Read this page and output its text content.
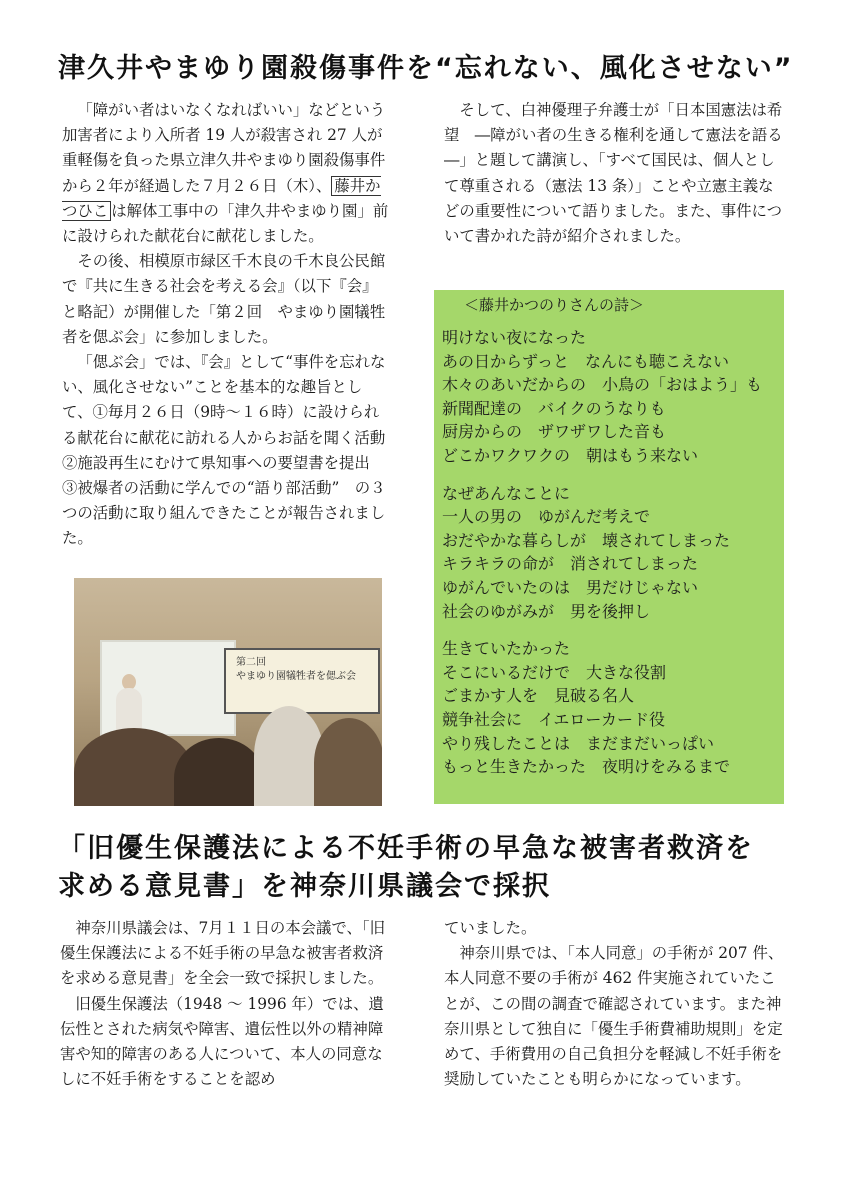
津久井やまゆり園殺傷事件を“忘れない、風化させない”

「障がい者はいなくなればいい」などという加害者により入所者 19 人が殺害され 27 人が重軽傷を負った県立津久井やまゆり園殺傷事件から２年が経過した７月２６日（木）、 藤井かつひこ は解体工事中の「津久井やまゆり園」前に設けられた献花台に献花しました。

その後、相模原市緑区千木良の千木良公民館で『共に生きる社会を考える会』（以下『会』と略記）が開催した「第２回　やまゆり園犠牲者を偲ぶ会」に参加しました。

「偲ぶ会」では、『会』として“事件を忘れない、風化させない”ことを基本的な趣旨として、①毎月２６日（9時～１６時）に設けられる献花台に献花に訪れる人からお話を聞く活動　②施設再生にむけて県知事への要望書を提出　③被爆者の活動に学んでの“語り部活動”　の３つの活動に取り組んできたことが報告されました。

そして、白神優理子弁護士が「日本国憲法は希望　―障がい者の生きる権利を通して憲法を語る―」と題して講演し、「すべて国民は、個人として尊重される（憲法 13 条）」ことや立憲主義などの重要性について語りました。また、事件について書かれた詩が紹介されました。

第二回
やまゆり園犠牲者を偲ぶ会
＜藤井かつのりさんの詩＞
明けない夜になった
あの日からずっと　なんにも聴こえない
木々のあいだからの　小鳥の「おはよう」も
新聞配達の　バイクのうなりも
厨房からの　ザワザワした音も
どこかワクワクの　朝はもう来ない
なぜあんなことに
一人の男の　ゆがんだ考えで
おだやかな暮らしが　壊されてしまった
キラキラの命が　消されてしまった
ゆがんでいたのは　男だけじゃない
社会のゆがみが　男を後押し
生きていたかった
そこにいるだけで　大きな役割
ごまかす人を　見破る名人
競争社会に　イエローカード役
やり残したことは　まだまだいっぱい
もっと生きたかった　夜明けをみるまで
「旧優生保護法による不妊手術の早急な被害者救済を
求める意見書」を神奈川県議会で採択

神奈川県議会は、7月１１日の本会議で、「旧優生保護法による不妊手術の早急な被害者救済を求める意見書」を全会一致で採択しました。

旧優生保護法（1948 ～ 1996 年）では、遺伝性とされた病気や障害、遺伝性以外の精神障害や知的障害のある人について、本人の同意なしに不妊手術をすることを認め

ていました。

神奈川県では、「本人同意」の手術が 207 件、本人同意不要の手術が 462 件実施されていたことが、この間の調査で確認されています。また神奈川県として独自に「優生手術費補助規則」を定めて、手術費用の自己負担分を軽減し不妊手術を奨励していたことも明らかになっています。
